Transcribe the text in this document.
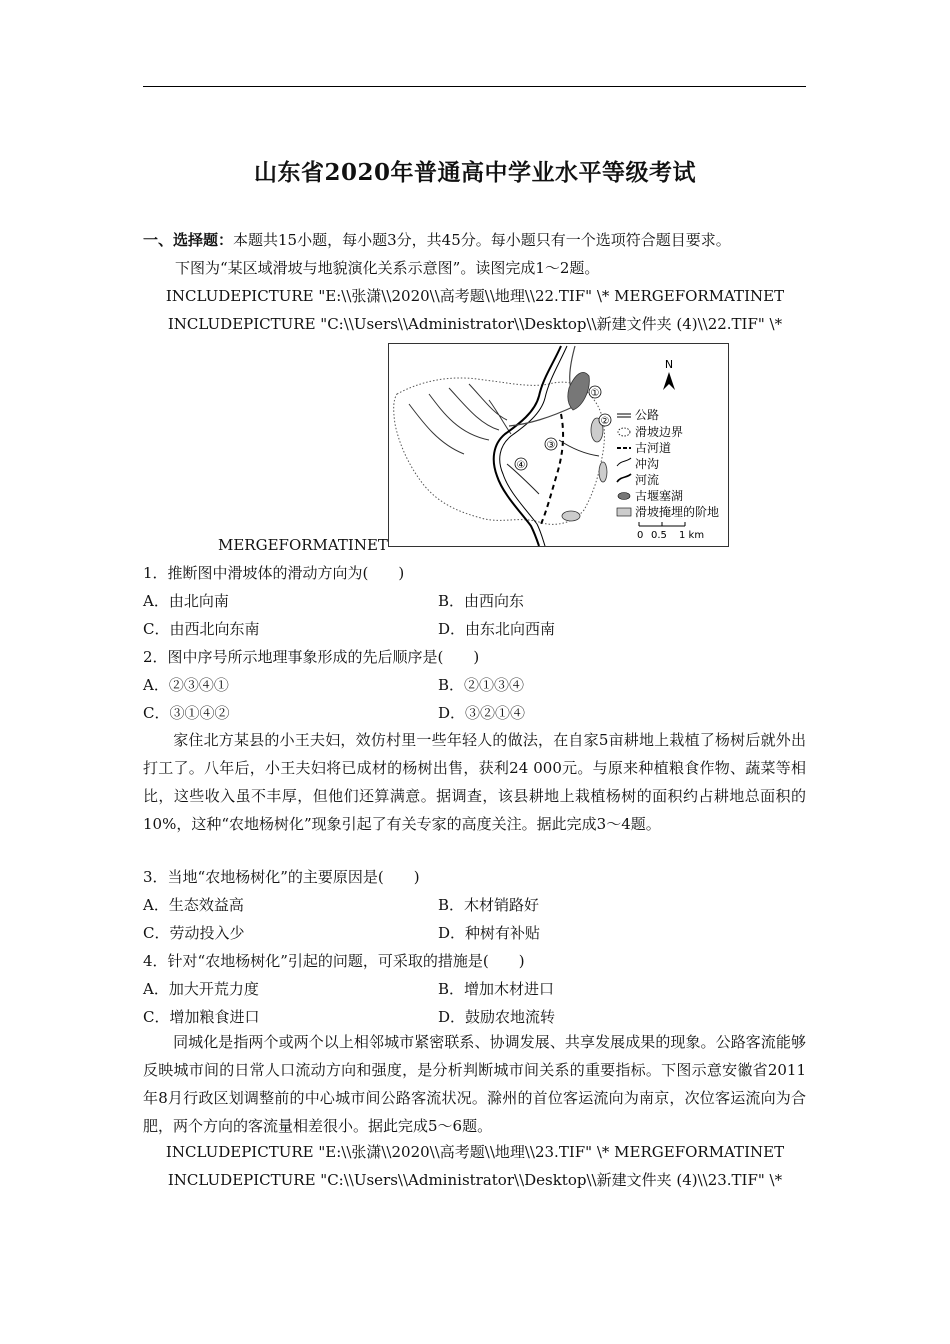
山东省2020年普通高中学业水平等级考试
一、选择题：本题共15小题，每小题3分，共45分。每小题只有一个选项符合题目要求。
下图为“某区域滑坡与地貌演化关系示意图”。读图完成1～2题。
INCLUDEPICTURE "E:\\张潇\\2020\\高考题\\地理\\22.TIF" \* MERGEFORMATINET
INCLUDEPICTURE "C:\\Users\\Administrator\\Desktop\\新建文件夹 (4)\\22.TIF" \*
①
②
③
④
N
公路
滑坡边界
古河道
冲沟
河流
古堰塞湖
滑坡掩埋的阶地
0 0.5 1 km
MERGEFORMATINET
1．推断图中滑坡体的滑动方向为(　　)
A．由北向南	B．由西向东
C．由西北向东南	D．由东北向西南
2．图中序号所示地理事象形成的先后顺序是(　　)
A．②③④①	B．②①③④
C．③①④②	D．③②①④
家住北方某县的小王夫妇，效仿村里一些年轻人的做法，在自家5亩耕地上栽植了杨树后就外出打工了。八年后，小王夫妇将已成材的杨树出售，获利24 000元。与原来种植粮食作物、蔬菜等相比，这些收入虽不丰厚，但他们还算满意。据调查，该县耕地上栽植杨树的面积约占耕地总面积的10%，这种“农地杨树化”现象引起了有关专家的高度关注。据此完成3～4题。
3．当地“农地杨树化”的主要原因是(　　)
A．生态效益高	B．木材销路好
C．劳动投入少	D．种树有补贴
4．针对“农地杨树化”引起的问题，可采取的措施是(　　)
A．加大开荒力度	B．增加木材进口
C．增加粮食进口	D．鼓励农地流转
同城化是指两个或两个以上相邻城市紧密联系、协调发展、共享发展成果的现象。公路客流能够反映城市间的日常人口流动方向和强度，是分析判断城市间关系的重要指标。下图示意安徽省2011年8月行政区划调整前的中心城市间公路客流状况。滁州的首位客运流向为南京，次位客运流向为合肥，两个方向的客流量相差很小。据此完成5～6题。
INCLUDEPICTURE "E:\\张潇\\2020\\高考题\\地理\\23.TIF" \* MERGEFORMATINET
INCLUDEPICTURE "C:\\Users\\Administrator\\Desktop\\新建文件夹 (4)\\23.TIF" \*
